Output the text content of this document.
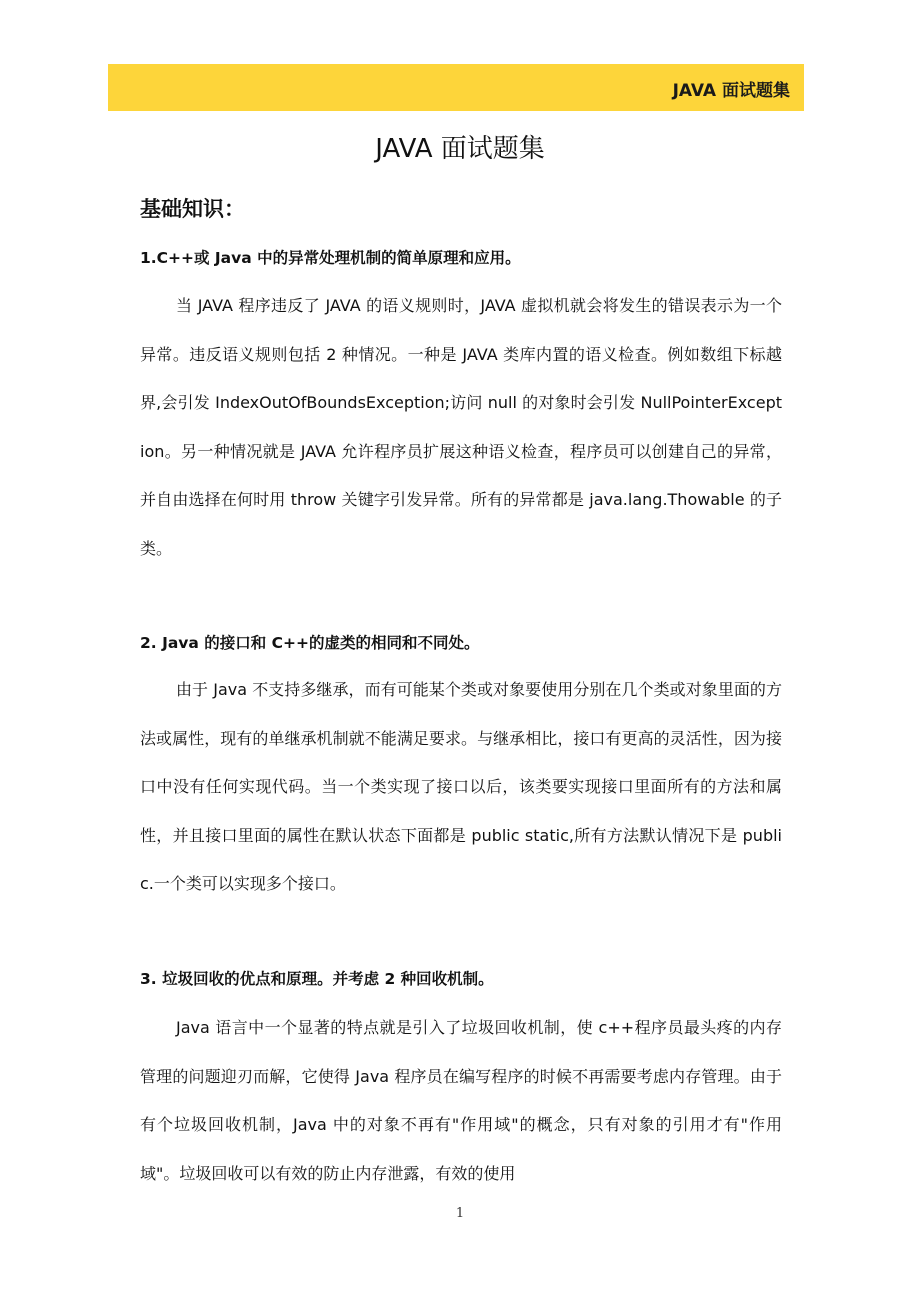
JAVA 面试题集
JAVA 面试题集
基础知识：
1.C++或 Java 中的异常处理机制的简单原理和应用。

当 JAVA 程序违反了 JAVA 的语义规则时，JAVA 虚拟机就会将发生的错误表示为一个异常。违反语义规则包括 2 种情况。一种是 JAVA 类库内置的语义检查。例如数组下标越界,会引发 IndexOutOfBoundsException;访问 null 的对象时会引发 NullPointerException。另一种情况就是 JAVA 允许程序员扩展这种语义检查，程序员可以创建自己的异常，并自由选择在何时用 throw 关键字引发异常。所有的异常都是 java.lang.Thowable 的子类。

2. Java 的接口和 C++的虚类的相同和不同处。

由于 Java 不支持多继承，而有可能某个类或对象要使用分别在几个类或对象里面的方法或属性，现有的单继承机制就不能满足要求。与继承相比，接口有更高的灵活性，因为接口中没有任何实现代码。当一个类实现了接口以后，该类要实现接口里面所有的方法和属性，并且接口里面的属性在默认状态下面都是 public static,所有方法默认情况下是 public.一个类可以实现多个接口。

3. 垃圾回收的优点和原理。并考虑 2 种回收机制。

Java 语言中一个显著的特点就是引入了垃圾回收机制，使 c++程序员最头疼的内存管理的问题迎刃而解，它使得 Java 程序员在编写程序的时候不再需要考虑内存管理。由于有个垃圾回收机制，Java 中的对象不再有"作用域"的概念，只有对象的引用才有"作用域"。垃圾回收可以有效的防止内存泄露，有效的使用

1
